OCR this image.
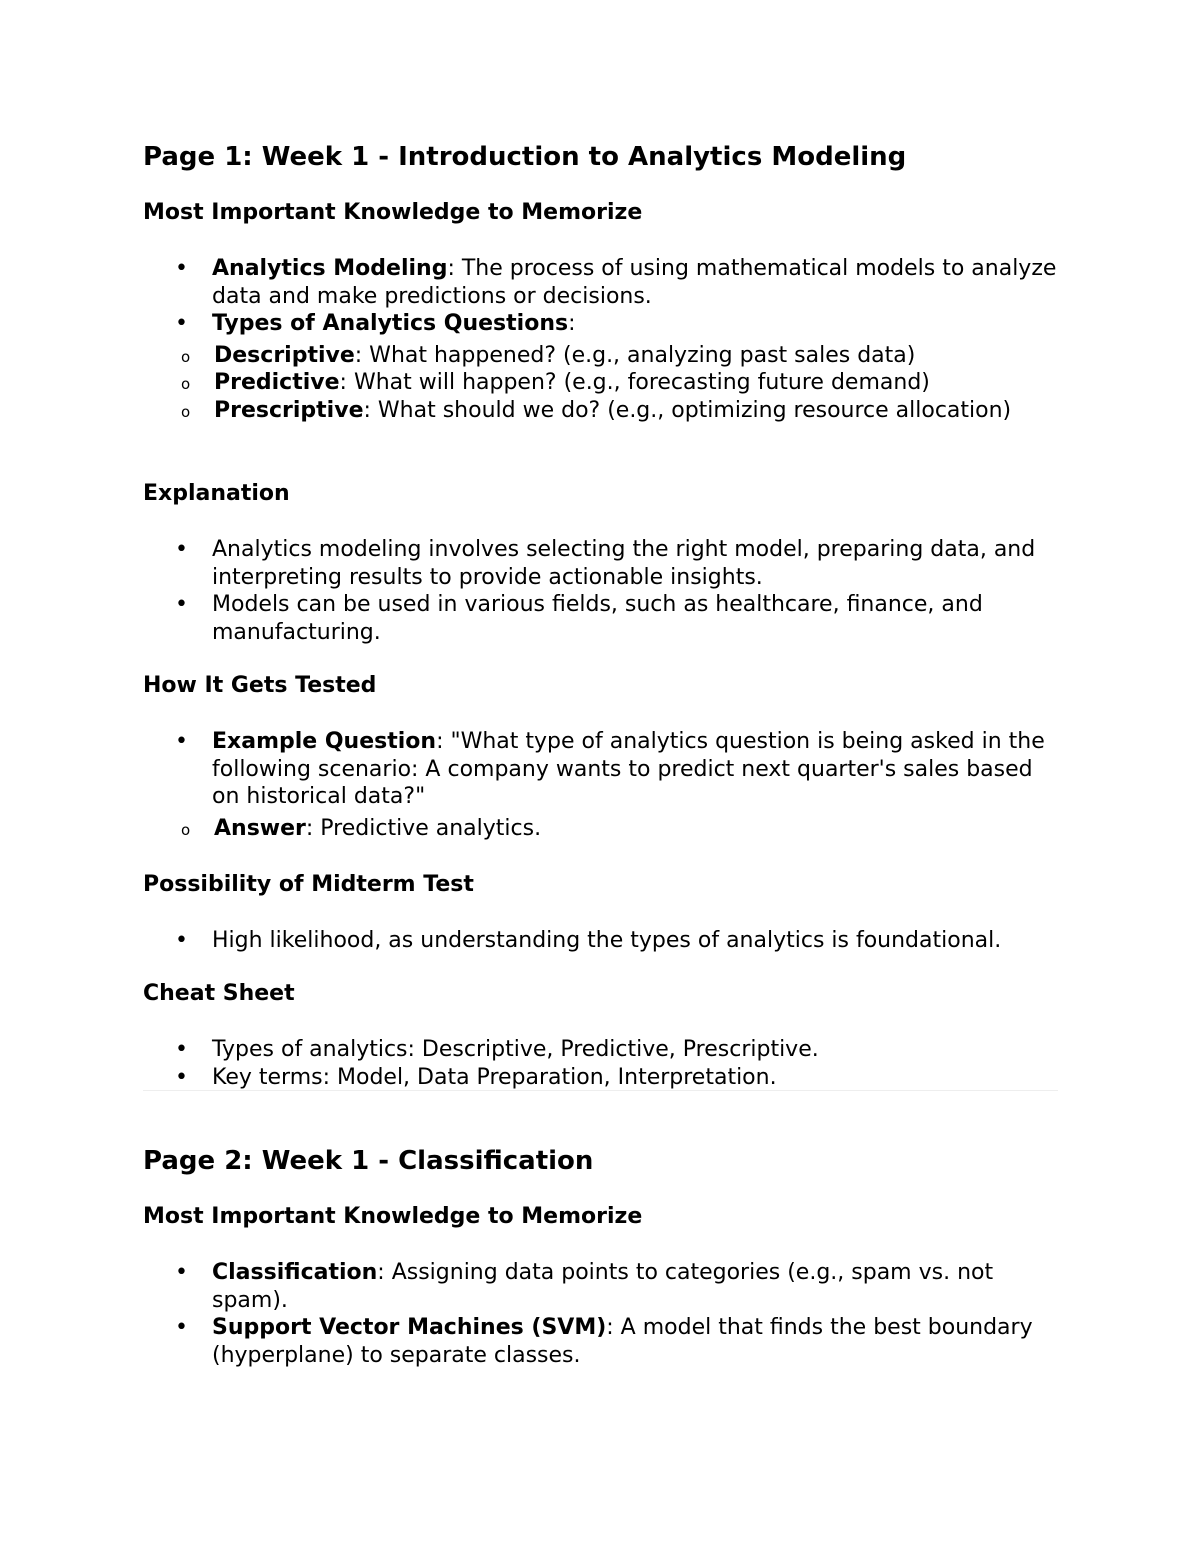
Page 1: Week 1 - Introduction to Analytics Modeling
Most Important Knowledge to Memorize
• Analytics Modeling: The process of using mathematical models to analyze data and make predictions or decisions.
• Types of Analytics Questions:
o Descriptive: What happened? (e.g., analyzing past sales data)
o Predictive: What will happen? (e.g., forecasting future demand)
o Prescriptive: What should we do? (e.g., optimizing resource allocation)
Explanation
• Analytics modeling involves selecting the right model, preparing data, and interpreting results to provide actionable insights.
• Models can be used in various fields, such as healthcare, finance, and manufacturing.
How It Gets Tested
• Example Question: "What type of analytics question is being asked in the following scenario: A company wants to predict next quarter's sales based on historical data?"
o Answer: Predictive analytics.
Possibility of Midterm Test
• High likelihood, as understanding the types of analytics is foundational.
Cheat Sheet
• Types of analytics: Descriptive, Predictive, Prescriptive.
• Key terms: Model, Data Preparation, Interpretation.
Page 2: Week 1 - Classification
Most Important Knowledge to Memorize
• Classification: Assigning data points to categories (e.g., spam vs. not spam).
• Support Vector Machines (SVM): A model that finds the best boundary (hyperplane) to separate classes.
